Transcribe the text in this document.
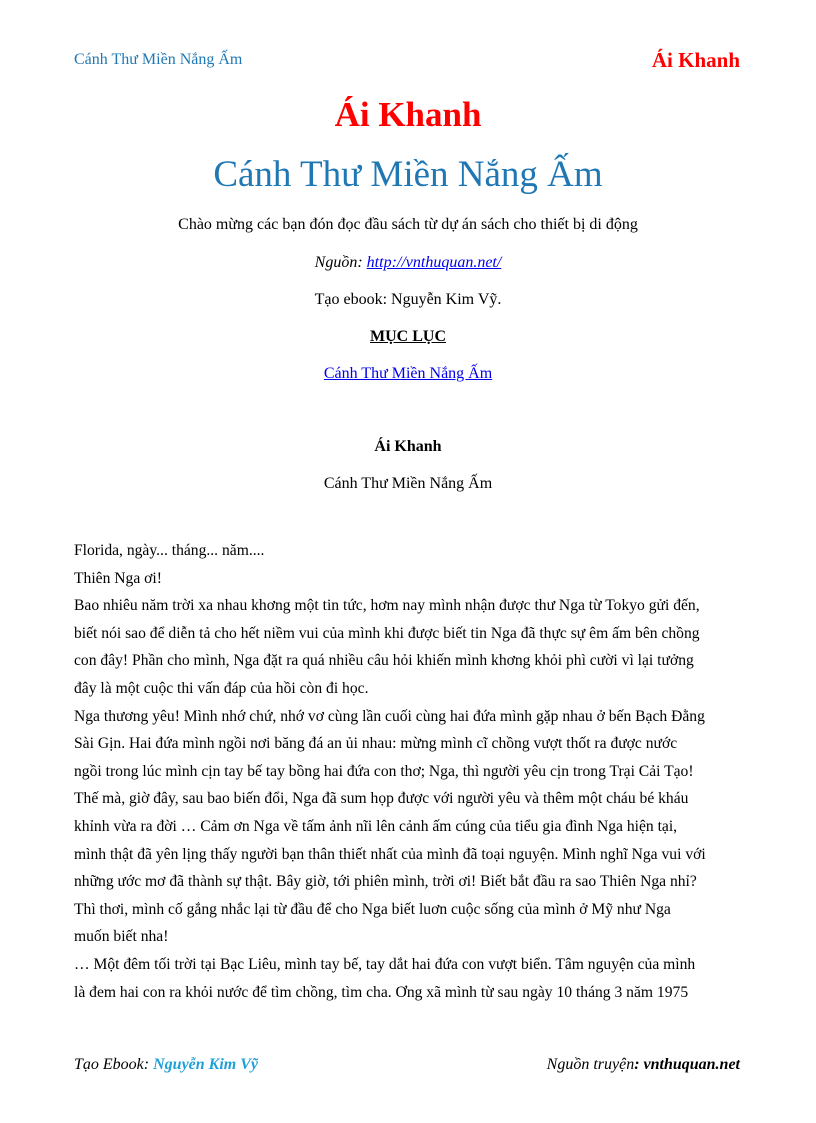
Cánh Thư Miền Nắng Ấm	Ái Khanh
Ái Khanh
Cánh Thư Miền Nắng Ấm
Chào mừng các bạn đón đọc đầu sách từ dự án sách cho thiết bị di động
Nguồn: http://vnthuquan.net/
Tạo ebook: Nguyễn Kim Vỹ.
MỤC LỤC
Cánh Thư Miền Nắng Ấm
Ái Khanh
Cánh Thư Miền Nắng Ấm

Florida, ngày... tháng... năm....

Thiên Nga ơi!

Bao nhiêu năm trời xa nhau khơng một tin tức, hơm nay mình nhận được thư Nga từ Tokyo gửi đến,

biết nói sao để diễn tả cho hết niềm vui của mình khi được biết tin Nga đã thực sự êm ấm bên chồng

con đây! Phần cho mình, Nga đặt ra quá nhiều câu hỏi khiến mình khơng khỏi phì cười vì lại tưởng

đây là một cuộc thi vấn đáp của hồi còn đi học.

Nga thương yêu! Mình nhớ chứ, nhớ vơ cùng lần cuối cùng hai đứa mình gặp nhau ở bến Bạch Đằng

Sài Gịn. Hai đứa mình ngồi nơi băng đá an ủi nhau: mừng mình cĩ chồng vượt thốt ra được nước

ngồi trong lúc mình cịn tay bế tay bồng hai đứa con thơ; Nga, thì người yêu cịn trong Trại Cải Tạo!

Thế mà, giờ đây, sau bao biến đổi, Nga đã sum họp được với người yêu và thêm một cháu bé kháu

khỉnh vừa ra đời … Cảm ơn Nga về tấm ảnh nĩi lên cảnh ấm cúng của tiểu gia đình Nga hiện tại,

mình thật đã yên lịng thấy người bạn thân thiết nhất của mình đã toại nguyện. Mình nghĩ Nga vui với

những ước mơ đã thành sự thật. Bây giờ, tới phiên mình, trời ơi! Biết bắt đầu ra sao Thiên Nga nhỉ?

Thì thơi, mình cố gắng nhắc lại từ đầu để cho Nga biết luơn cuộc sống của mình ở Mỹ như Nga

muốn biết nha!

… Một đêm tối trời tại Bạc Liêu, mình tay bế, tay dắt hai đứa con vượt biển. Tâm nguyện của mình

là đem hai con ra khỏi nước để tìm chồng, tìm cha. Ơng xã mình từ sau ngày 10 tháng 3 năm 1975

Tạo Ebook: Nguyễn Kim Vỹ	Nguồn truyện: vnthuquan.net
